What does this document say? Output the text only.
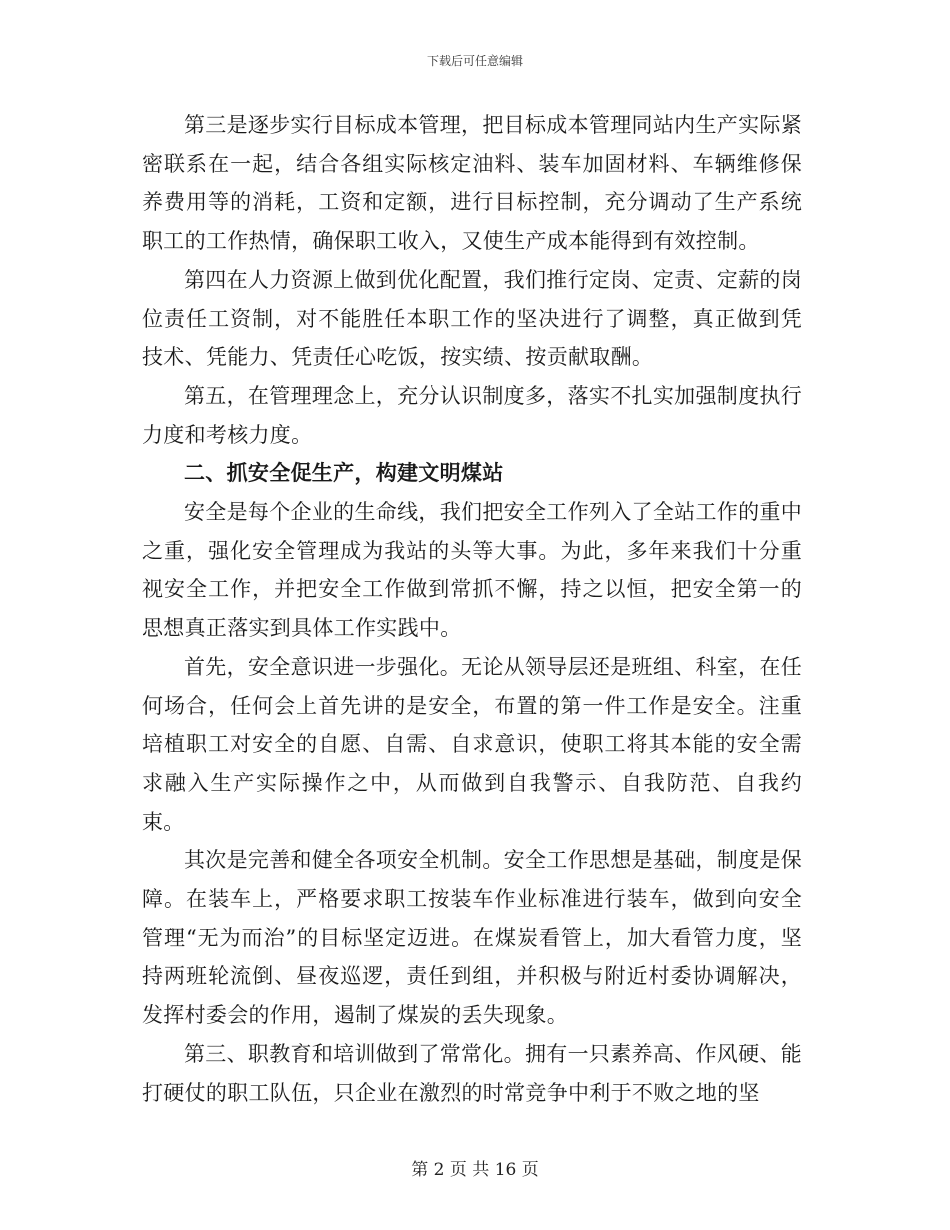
下载后可任意编辑

第三是逐步实行目标成本管理，把目标成本管理同站内生产实际紧密联系在一起，结合各组实际核定油料、装车加固材料、车辆维修保养费用等的消耗，工资和定额，进行目标控制，充分调动了生产系统职工的工作热情，确保职工收入，又使生产成本能得到有效控制。

第四在人力资源上做到优化配置，我们推行定岗、定责、定薪的岗位责任工资制，对不能胜任本职工作的坚决进行了调整，真正做到凭技术、凭能力、凭责任心吃饭，按实绩、按贡献取酬。

第五，在管理理念上，充分认识制度多，落实不扎实加强制度执行力度和考核力度。

二、抓安全促生产，构建文明煤站

安全是每个企业的生命线，我们把安全工作列入了全站工作的重中之重，强化安全管理成为我站的头等大事。为此，多年来我们十分重视安全工作，并把安全工作做到常抓不懈，持之以恒，把安全第一的思想真正落实到具体工作实践中。

首先，安全意识进一步强化。无论从领导层还是班组、科室，在任何场合，任何会上首先讲的是安全，布置的第一件工作是安全。注重培植职工对安全的自愿、自需、自求意识，使职工将其本能的安全需求融入生产实际操作之中，从而做到自我警示、自我防范、自我约束。

其次是完善和健全各项安全机制。安全工作思想是基础，制度是保障。在装车上，严格要求职工按装车作业标准进行装车，做到向安全管理“无为而治”的目标坚定迈进。在煤炭看管上，加大看管力度，坚持两班轮流倒、昼夜巡逻，责任到组，并积极与附近村委协调解决，发挥村委会的作用，遏制了煤炭的丢失现象。

第三、职教育和培训做到了常常化。拥有一只素养高、作风硬、能打硬仗的职工队伍，只企业在激烈的时常竞争中利于不败之地的坚

第 2 页 共 16 页
